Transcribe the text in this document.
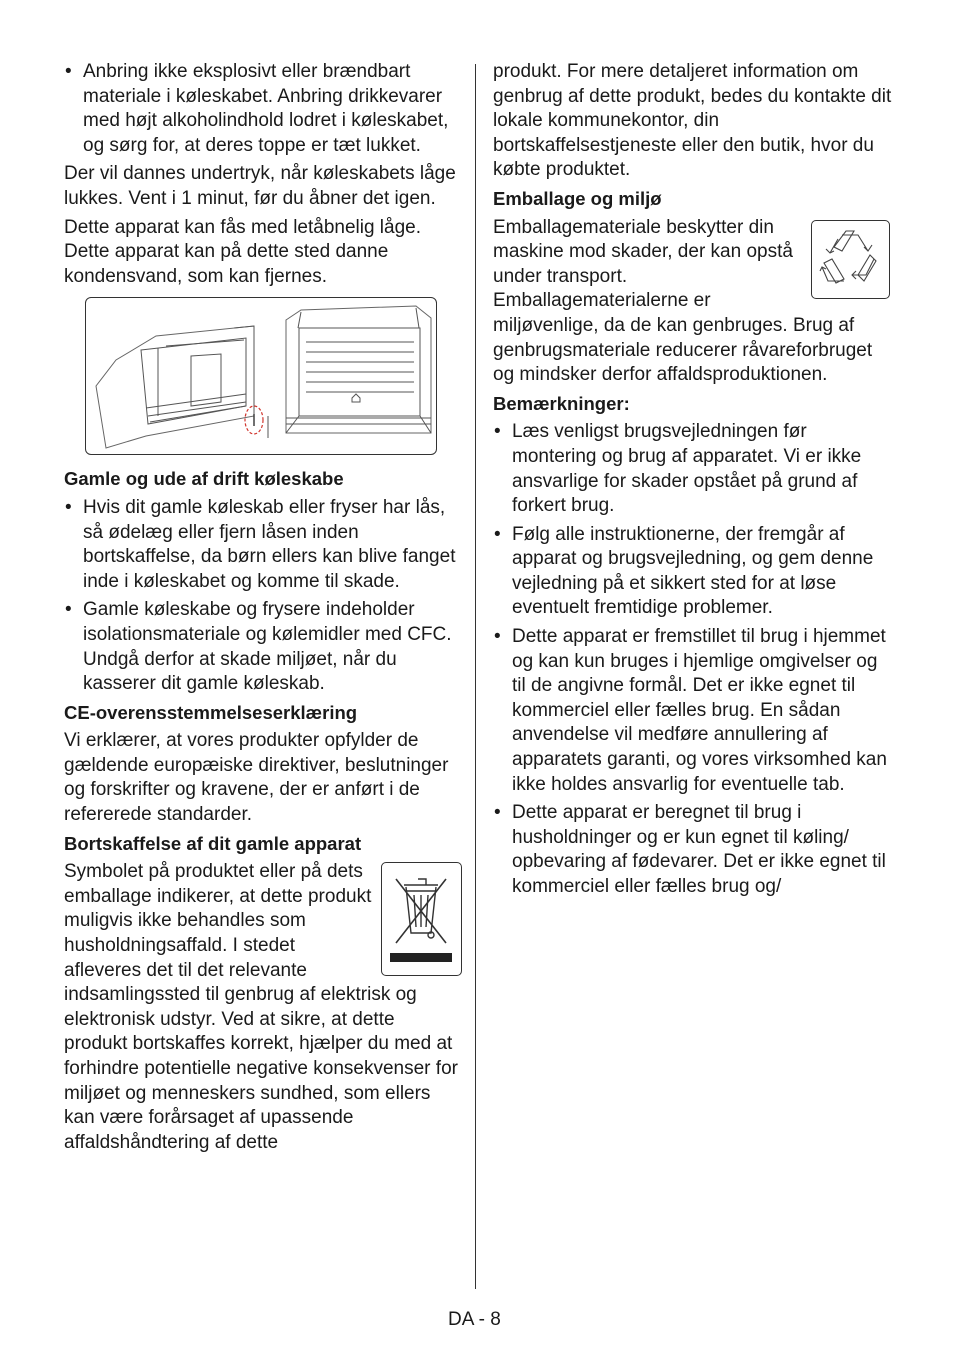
• Anbring ikke eksplosivt eller brændbart materiale i køleskabet. Anbring drikkevarer med højt alkoholindhold lodret i køleskabet, og sørg for, at deres toppe er tæt lukket.

Der vil dannes undertryk, når køleskabets låge lukkes. Vent i 1 minut, før du åbner det igen.

Dette apparat kan fås med letåbnelig låge. Dette apparat kan på dette sted danne kondensvand, som kan fjernes.

Gamle og ude af drift køleskabe
• Hvis dit gamle køleskab eller fryser har lås, så ødelæg eller fjern låsen inden bortskaffelse, da børn ellers kan blive fanget inde i køleskabet og komme til skade.
• Gamle køleskabe og frysere indeholder isolationsmateriale og kølemidler med CFC. Undgå derfor at skade miljøet, når du kasserer dit gamle køleskab.
CE-overensstemmelseserklæring

Vi erklærer, at vores produkter opfylder de gældende europæiske direktiver, beslutninger og forskrifter og kravene, der er anført i de refererede standarder.

Bortskaffelse af dit gamle apparat

Symbolet på produktet eller på dets emballage indikerer, at dette produkt muligvis ikke behandles som husholdningsaffald. I stedet afleveres det til det relevante indsamlingssted til genbrug af elektrisk og elektronisk udstyr. Ved at sikre, at dette produkt bortskaffes korrekt, hjælper du med at forhindre potentielle negative konsekvenser for miljøet og menneskers sundhed, som ellers kan være forårsaget af upassende affaldshåndtering af dette

produkt. For mere detaljeret information om genbrug af dette produkt, bedes du kontakte dit lokale kommunekontor, din bortskaffelsestjeneste eller den butik, hvor du købte produktet.

Emballage og miljø

Emballagemateriale beskytter din maskine mod skader, der kan opstå under transport. Emballagematerialerne er miljøvenlige, da de kan genbruges. Brug af genbrugsmateriale reducerer råvareforbruget og mindsker derfor affaldsproduktionen.

Bemærkninger:
• Læs venligst brugsvejledningen før montering og brug af apparatet. Vi er ikke ansvarlige for skader opstået på grund af forkert brug.
• Følg alle instruktionerne, der fremgår af apparat og brugsvejledning, og gem denne vejledning på et sikkert sted for at løse eventuelt fremtidige problemer.
• Dette apparat er fremstillet til brug i hjemmet og kan kun bruges i hjemlige omgivelser og til de angivne formål. Det er ikke egnet til kommerciel eller fælles brug. En sådan anvendelse vil medføre annullering af apparatets garanti, og vores virksomhed kan ikke holdes ansvarlig for eventuelle tab.
• Dette apparat er beregnet til brug i husholdninger og er kun egnet til køling/ opbevaring af fødevarer. Det er ikke egnet til kommerciel eller fælles brug og/
DA - 8
